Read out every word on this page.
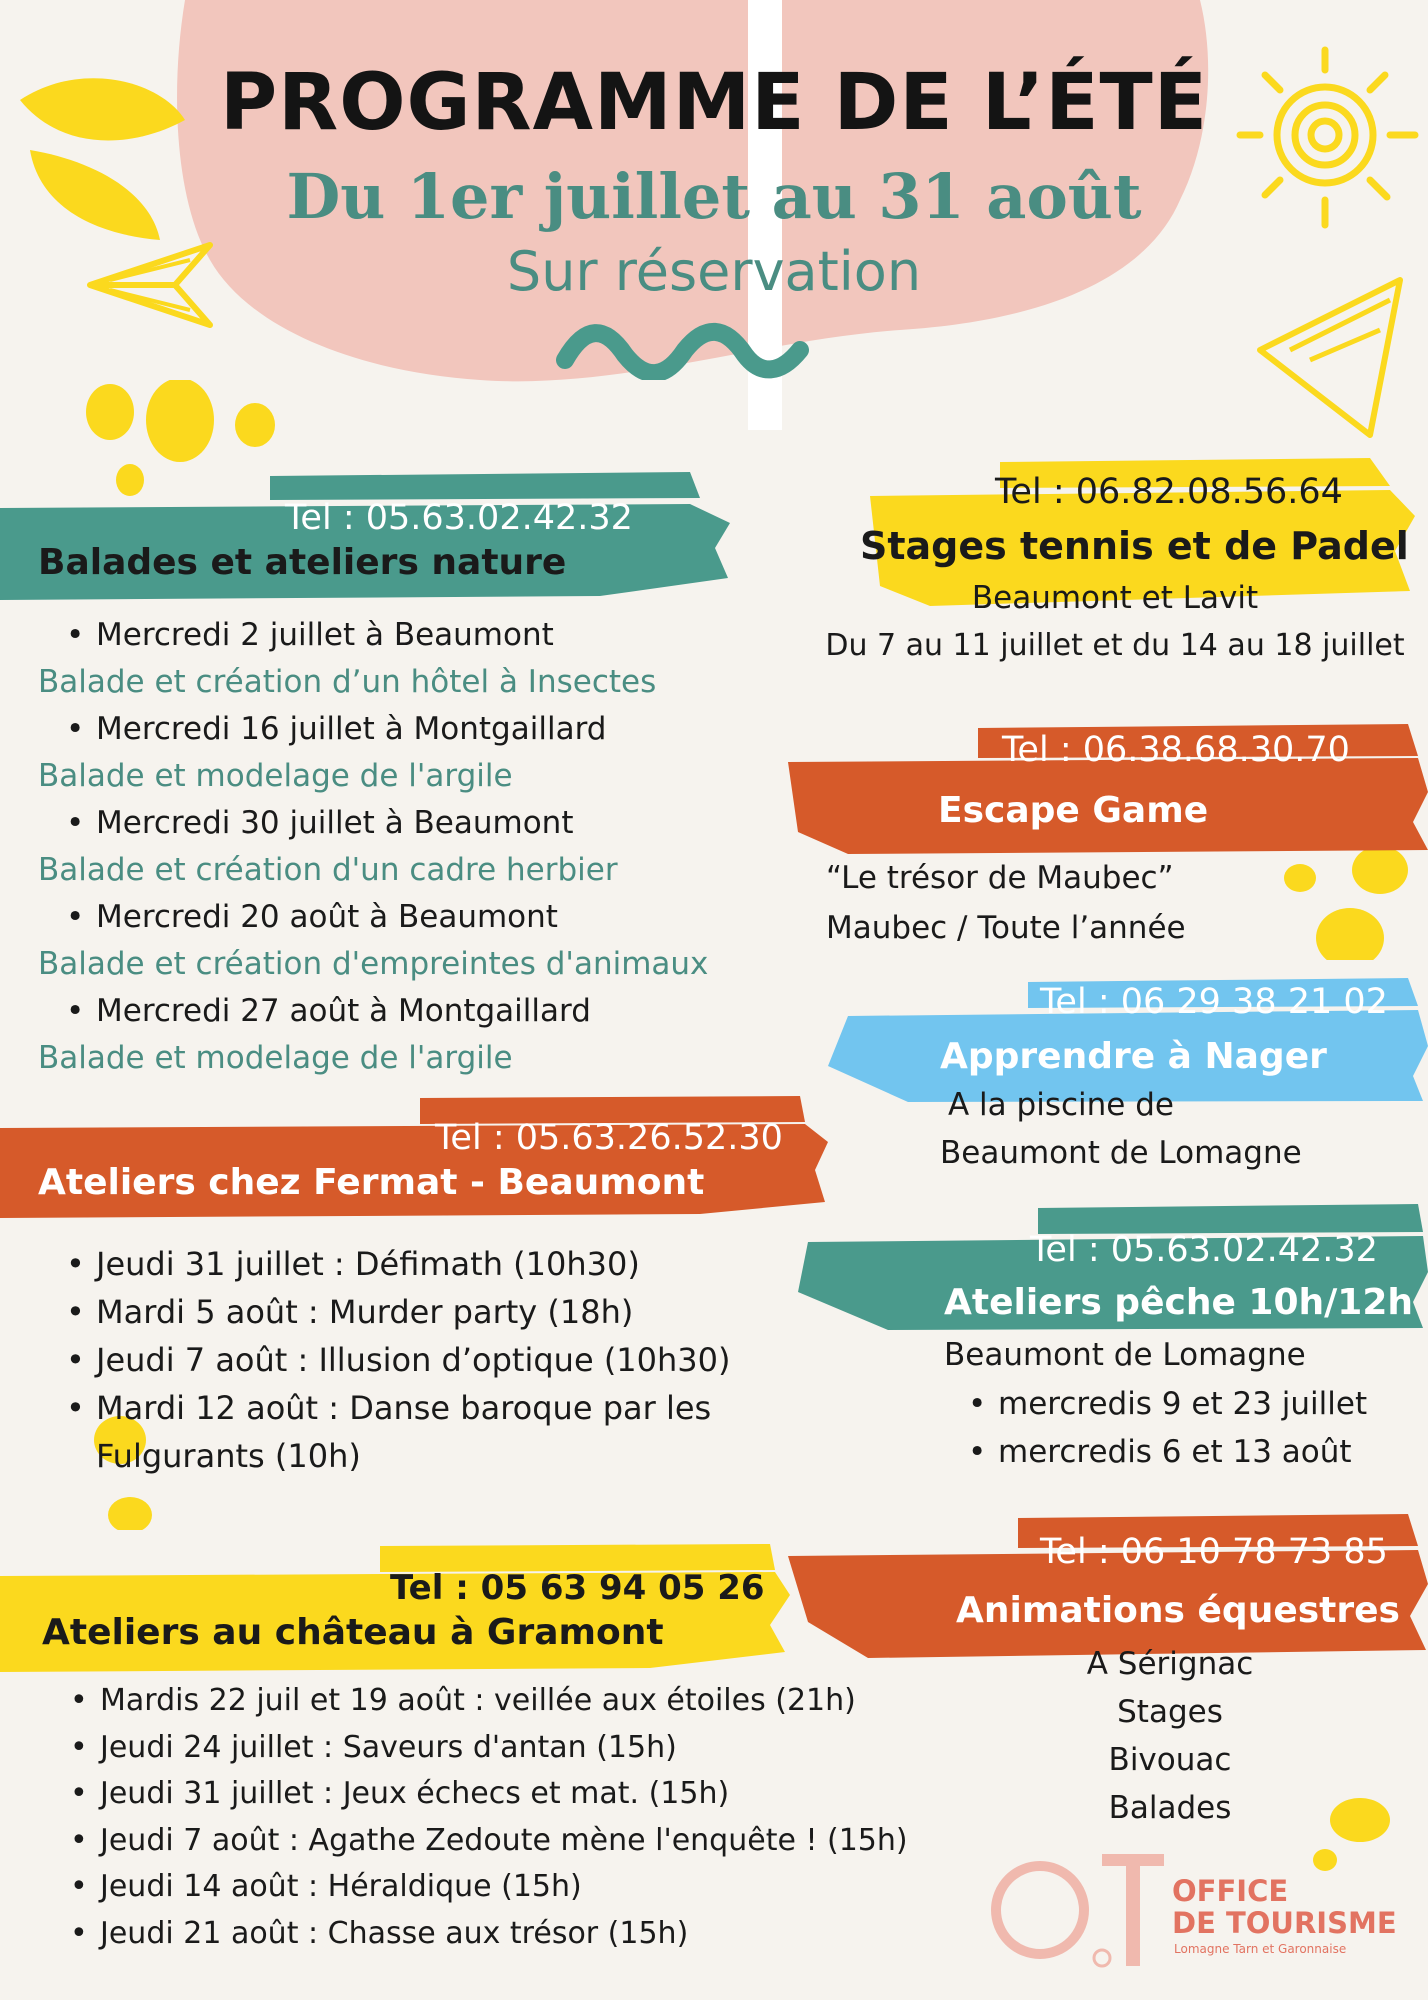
PROGRAMME DE L’ÉTÉ
Du 1er juillet au 31 août
Sur réservation
Tel : 05.63.02.42.32
Balades et ateliers nature
• Mercredi 2 juillet à Beaumont
Balade et création d’un hôtel à Insectes
• Mercredi 16 juillet à Montgaillard
Balade et modelage de l'argile
• Mercredi 30 juillet à Beaumont
Balade et création d'un cadre herbier
• Mercredi 20 août à Beaumont
Balade et création d'empreintes d'animaux
• Mercredi 27 août à Montgaillard
Balade et modelage de l'argile
Tel : 05.63.26.52.30
Ateliers chez Fermat - Beaumont
• Jeudi 31 juillet : Défimath (10h30)
• Mardi 5 août : Murder party (18h)
• Jeudi 7 août : Illusion d’optique (10h30)
• Mardi 12 août : Danse baroque par les
Fulgurants (10h)
Tel : 05 63 94 05 26
Ateliers au château à Gramont
• Mardis 22 juil et 19 août : veillée aux étoiles (21h)
• Jeudi 24 juillet : Saveurs d'antan (15h)
• Jeudi 31 juillet : Jeux échecs et mat. (15h)
• Jeudi 7 août : Agathe Zedoute mène l'enquête ! (15h)
• Jeudi 14 août : Héraldique (15h)
• Jeudi 21 août : Chasse aux trésor (15h)
Tel : 06.82.08.56.64
Stages tennis et de Padel
Beaumont et Lavit
Du 7 au 11 juillet et du 14 au 18 juillet
Tel : 06.38.68.30.70
Escape Game
“Le trésor de Maubec”
Maubec / Toute l’année
Tel : 06 29 38 21 02
Apprendre à Nager
A la piscine de
Beaumont de Lomagne
Tel : 05.63.02.42.32
Ateliers pêche 10h/12h
Beaumont de Lomagne
• mercredis 9 et 23 juillet
• mercredis 6 et 13 août
Tel : 06 10 78 73 85
Animations équestres
A Sérignac
Stages
Bivouac
Balades
OFFICE
DE TOURISME
Lomagne Tarn et Garonnaise
